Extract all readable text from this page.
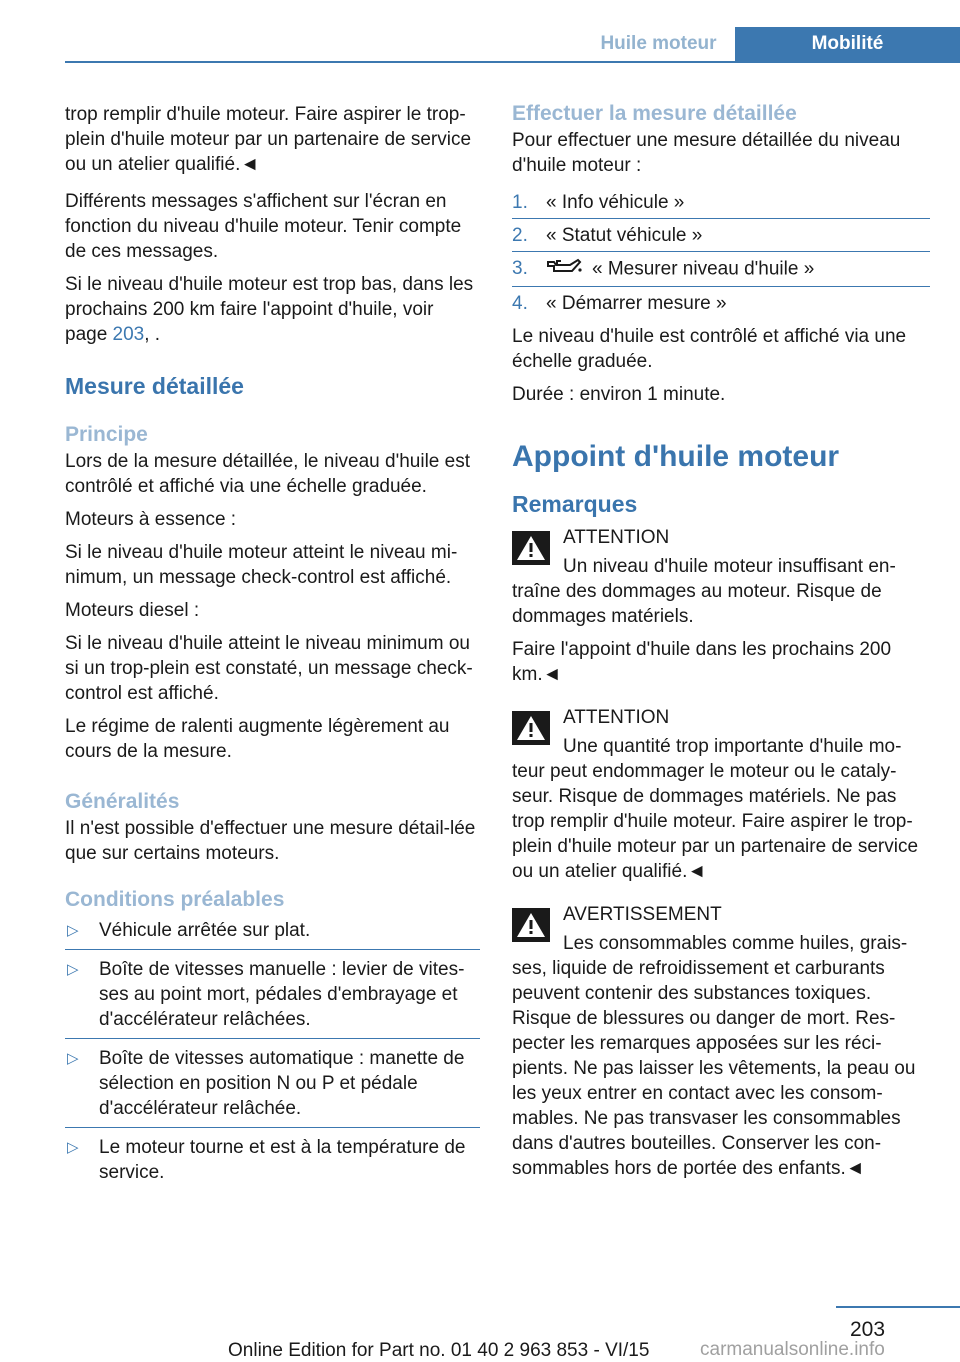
Huile moteur	Mobilité

trop remplir d'huile moteur. Faire aspirer le trop-plein d'huile moteur par un partenaire de service ou un atelier qualifié.◄

Différents messages s'affichent sur l'écran en fonction du niveau d'huile moteur. Tenir compte de ces messages.

Si le niveau d'huile moteur est trop bas, dans les prochains 200 km faire l'appoint d'huile, voir page 203, .

Mesure détaillée
Principe

Lors de la mesure détaillée, le niveau d'huile est contrôlé et affiché via une échelle graduée.

Moteurs à essence :

Si le niveau d'huile moteur atteint le niveau mi-nimum, un message check-control est affiché.

Moteurs diesel :

Si le niveau d'huile atteint le niveau minimum ou si un trop-plein est constaté, un message check-control est affiché.

Le régime de ralenti augmente légèrement au cours de la mesure.

Généralités

Il n'est possible d'effectuer une mesure détail-lée que sur certains moteurs.

Conditions préalables
▷ Véhicule arrêtée sur plat.
▷ Boîte de vitesses manuelle : levier de vites-ses au point mort, pédales d'embrayage et d'accélérateur relâchées.
▷ Boîte de vitesses automatique : manette de sélection en position N ou P et pédale d'accélérateur relâchée.
▷ Le moteur tourne et est à la température de service.
Effectuer la mesure détaillée

Pour effectuer une mesure détaillée du niveau d'huile moteur :

1. « Info véhicule »
2. « Statut véhicule »
3.	« Mesurer niveau d'huile »
4. « Démarrer mesure »

Le niveau d'huile est contrôlé et affiché via une échelle graduée.

Durée : environ 1 minute.

Appoint d'huile moteur
Remarques

ATTENTION

Un niveau d'huile moteur insuffisant en-

traîne des dommages au moteur. Risque de dommages matériels.

Faire l'appoint d'huile dans les prochains 200 km.◄

ATTENTION

Une quantité trop importante d'huile mo-

teur peut endommager le moteur ou le cataly-seur. Risque de dommages matériels. Ne pas trop remplir d'huile moteur. Faire aspirer le trop-plein d'huile moteur par un partenaire de service ou un atelier qualifié.◄

AVERTISSEMENT

Les consommables comme huiles, grais-

ses, liquide de refroidissement et carburants peuvent contenir des substances toxiques. Risque de blessures ou danger de mort. Res-pecter les remarques apposées sur les réci-pients. Ne pas laisser les vêtements, la peau ou les yeux entrer en contact avec les consom-mables. Ne pas transvaser les consommables dans d'autres bouteilles. Conserver les con-sommables hors de portée des enfants.◄

203
Online Edition for Part no. 01 40 2 963 853 - VI/15	carmanualsonline.info
